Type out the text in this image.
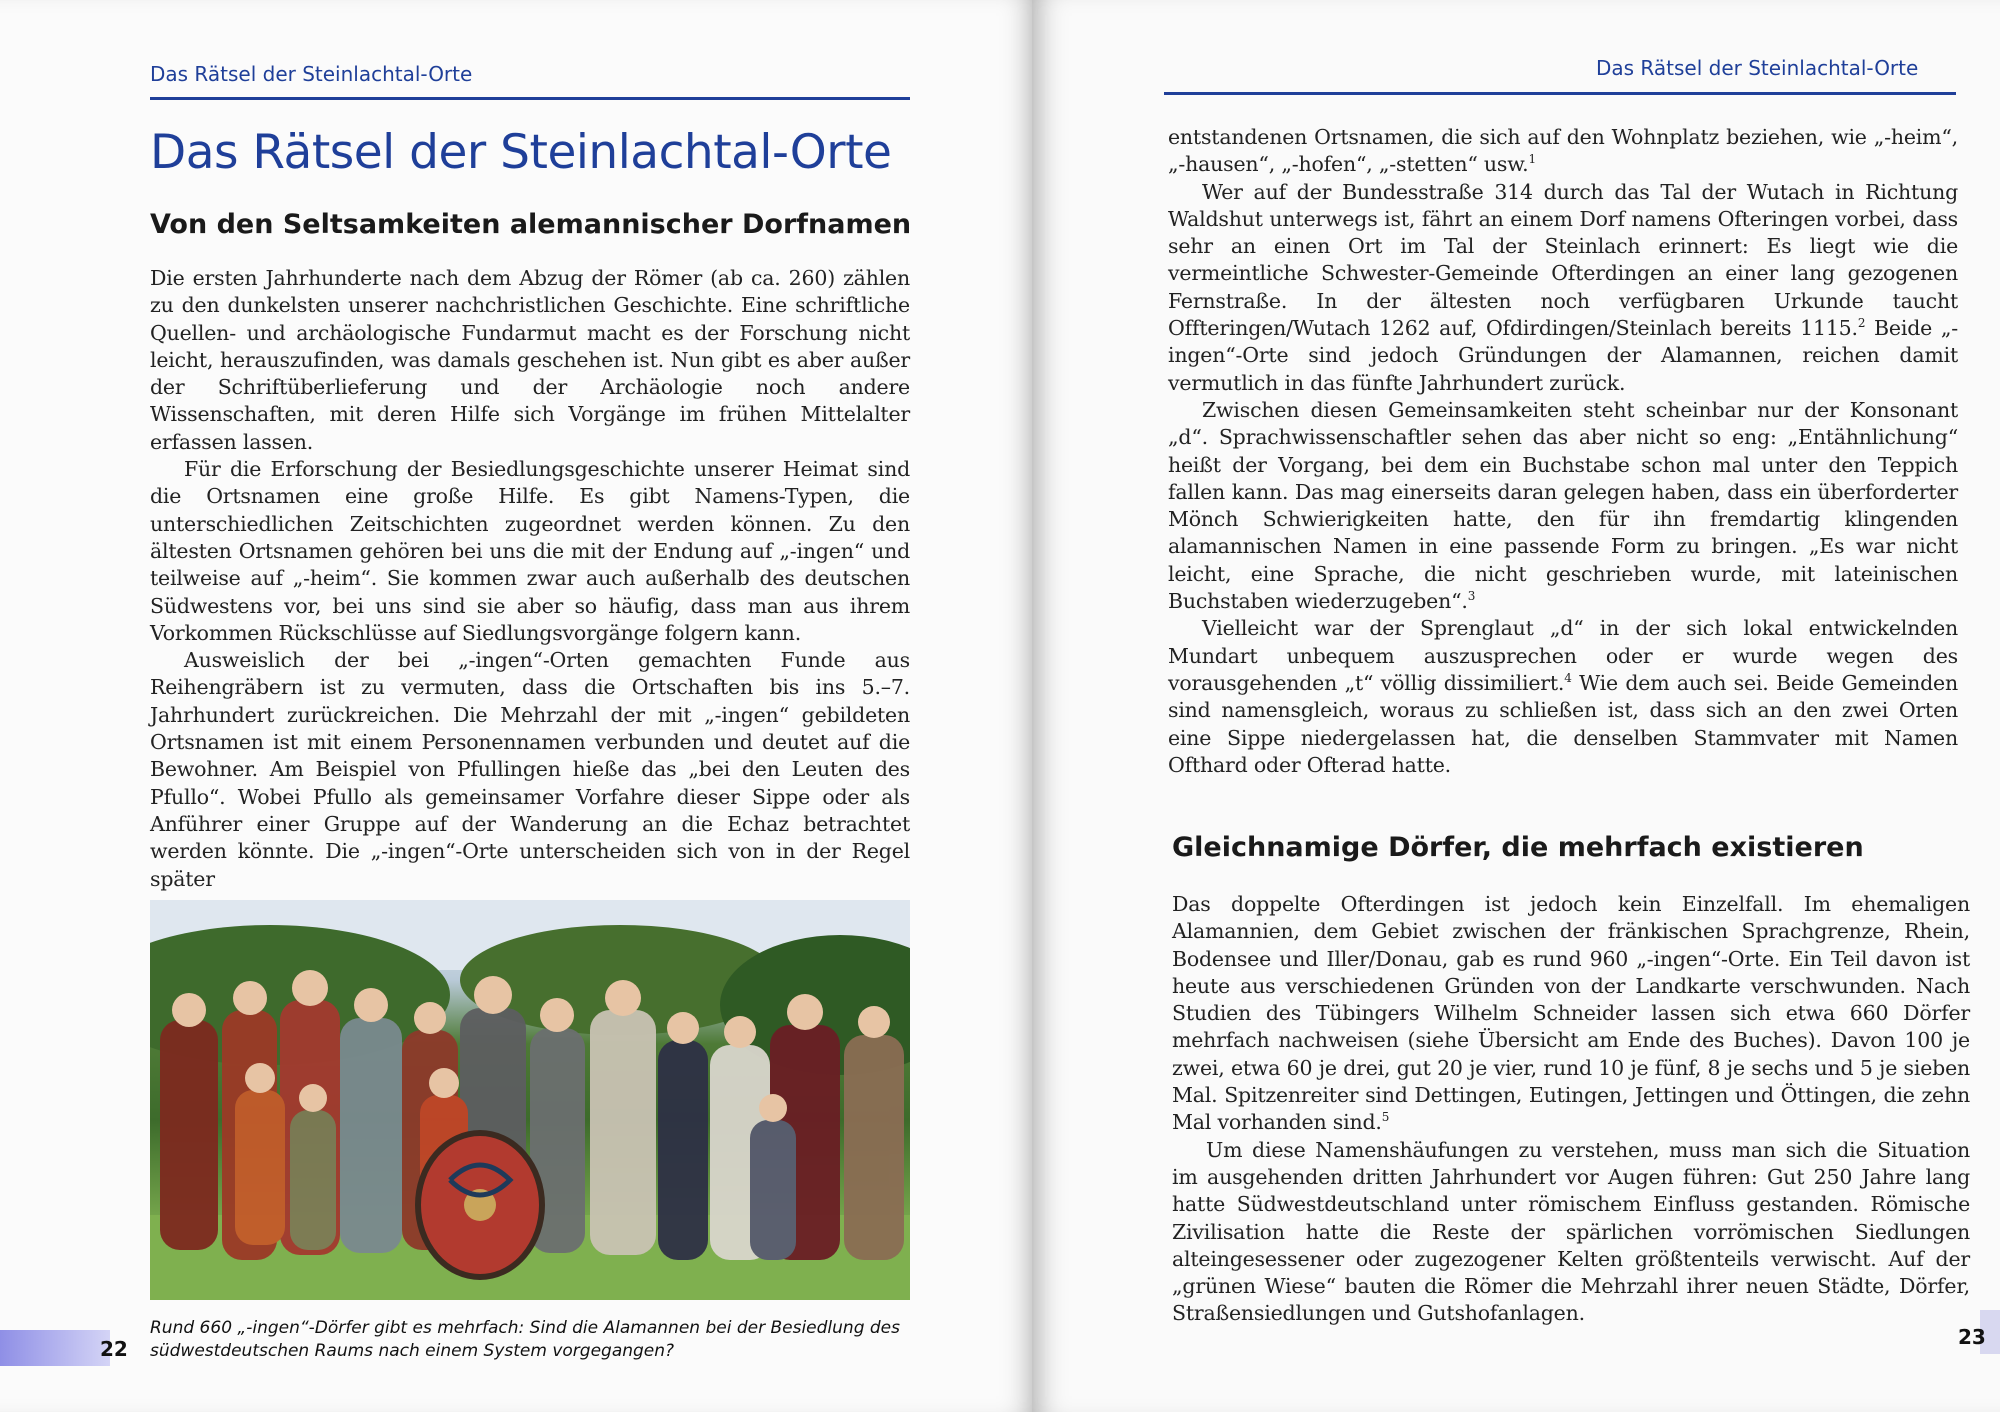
Das Rätsel der Steinlachtal-Orte
Das Rätsel der Steinlachtal-Orte
Von den Seltsamkeiten alemannischer Dorfnamen

Die ersten Jahrhunderte nach dem Abzug der Römer (ab ca. 260) zählen zu den dunkelsten unserer nachchristlichen Geschichte. Eine schriftliche Quellen- und archäologische Fundarmut macht es der Forschung nicht leicht, herauszufinden, was damals geschehen ist. Nun gibt es aber außer der Schriftüberlieferung und der Archäologie noch andere Wissenschaften, mit deren Hilfe sich Vorgänge im frühen Mittelalter erfassen lassen.

Für die Erforschung der Besiedlungsgeschichte unserer Heimat sind die Ortsnamen eine große Hilfe. Es gibt Namens-Typen, die unterschiedlichen Zeitschichten zugeordnet werden können. Zu den ältesten Ortsnamen gehören bei uns die mit der Endung auf „-ingen“ und teilweise auf „-heim“. Sie kommen zwar auch außerhalb des deutschen Südwestens vor, bei uns sind sie aber so häufig, dass man aus ihrem Vorkommen Rückschlüsse auf Siedlungsvorgänge folgern kann.

Ausweislich der bei „-ingen“-Orten gemachten Funde aus Reihengräbern ist zu vermuten, dass die Ortschaften bis ins 5.–7. Jahrhundert zurückreichen. Die Mehrzahl der mit „-ingen“ gebildeten Ortsnamen ist mit einem Personennamen verbunden und deutet auf die Bewohner. Am Beispiel von Pfullingen hieße das „bei den Leuten des Pfullo“. Wobei Pfullo als gemeinsamer Vorfahre dieser Sippe oder als Anführer einer Gruppe auf der Wanderung an die Echaz betrachtet werden könnte. Die „-ingen“-Orte unterscheiden sich von in der Regel später

Rund 660 „-ingen“-Dörfer gibt es mehrfach: Sind die Alamannen bei der Besiedlung des südwestdeutschen Raums nach einem System vorgegangen?
22
Das Rätsel der Steinlachtal-Orte

entstandenen Ortsnamen, die sich auf den Wohnplatz beziehen, wie „-heim“, „-hausen“, „-hofen“, „-stetten“ usw.$^1$

Wer auf der Bundesstraße 314 durch das Tal der Wutach in Richtung Waldshut unterwegs ist, fährt an einem Dorf namens Ofteringen vorbei, dass sehr an einen Ort im Tal der Steinlach erinnert: Es liegt wie die vermeintliche Schwester-Gemeinde Ofterdingen an einer lang gezogenen Fernstraße. In der ältesten noch verfügbaren Urkunde taucht Offteringen/Wutach 1262 auf, Ofdirdingen/Steinlach bereits 1115.$^2$ Beide „-ingen“-Orte sind jedoch Gründungen der Alamannen, reichen damit vermutlich in das fünfte Jahrhundert zurück.

Zwischen diesen Gemeinsamkeiten steht scheinbar nur der Konsonant „d“. Sprachwissenschaftler sehen das aber nicht so eng: „Entähnlichung“ heißt der Vorgang, bei dem ein Buchstabe schon mal unter den Teppich fallen kann. Das mag einerseits daran gelegen haben, dass ein überforderter Mönch Schwierigkeiten hatte, den für ihn fremdartig klingenden alamannischen Namen in eine passende Form zu bringen. „Es war nicht leicht, eine Sprache, die nicht geschrieben wurde, mit lateinischen Buchstaben wiederzugeben“.$^3$

Vielleicht war der Sprenglaut „d“ in der sich lokal entwickelnden Mundart unbequem auszusprechen oder er wurde wegen des vorausgehenden „t“ völlig dissimiliert.$^4$ Wie dem auch sei. Beide Gemeinden sind namensgleich, woraus zu schließen ist, dass sich an den zwei Orten eine Sippe niedergelassen hat, die denselben Stammvater mit Namen Ofthard oder Ofterad hatte.

Gleichnamige Dörfer, die mehrfach existieren

Das doppelte Ofterdingen ist jedoch kein Einzelfall. Im ehemaligen Alamannien, dem Gebiet zwischen der fränkischen Sprachgrenze, Rhein, Bodensee und Iller/Donau, gab es rund 960 „-ingen“-Orte. Ein Teil davon ist heute aus verschiedenen Gründen von der Landkarte verschwunden. Nach Studien des Tübingers Wilhelm Schneider lassen sich etwa 660 Dörfer mehrfach nachweisen (siehe Übersicht am Ende des Buches). Davon 100 je zwei, etwa 60 je drei, gut 20 je vier, rund 10 je fünf, 8 je sechs und 5 je sieben Mal. Spitzenreiter sind Dettingen, Eutingen, Jettingen und Öttingen, die zehn Mal vorhanden sind.$^5$

Um diese Namenshäufungen zu verstehen, muss man sich die Situation im ausgehenden dritten Jahrhundert vor Augen führen: Gut 250 Jahre lang hatte Südwestdeutschland unter römischem Einfluss gestanden. Römische Zivilisation hatte die Reste der spärlichen vorrömischen Siedlungen alteingesessener oder zugezogener Kelten größtenteils verwischt. Auf der „grünen Wiese“ bauten die Römer die Mehrzahl ihrer neuen Städte, Dörfer, Straßensiedlungen und Gutshofanlagen.

23
